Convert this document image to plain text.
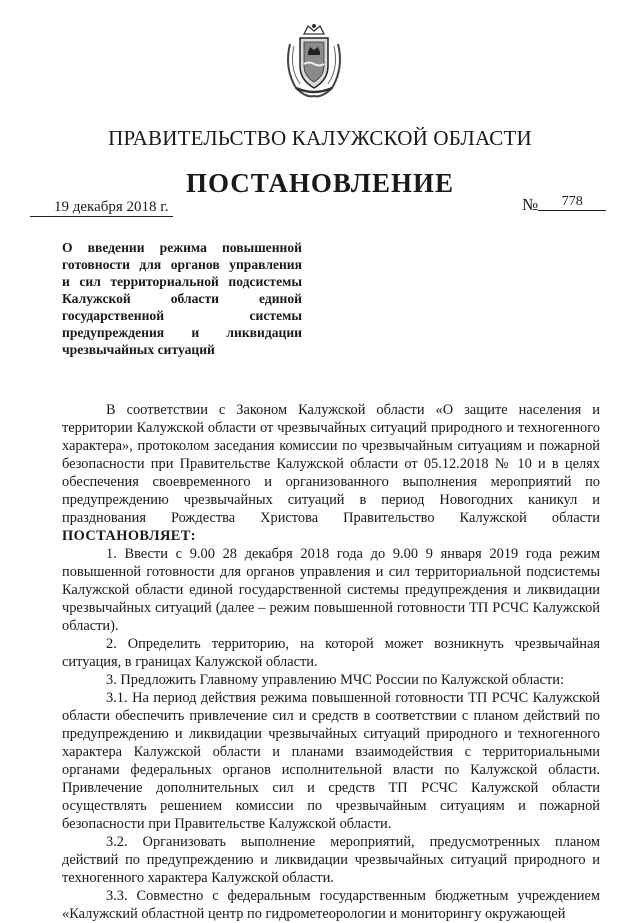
ПРАВИТЕЛЬСТВО КАЛУЖСКОЙ ОБЛАСТИ
ПОСТАНОВЛЕНИЕ
19 декабря 2018 г.	№ 778
О введении режима повышенной
готовности для органов управления
и сил территориальной подсистемы
Калужской области единой
государственной системы
предупреждения и ликвидации
чрезвычайных ситуаций

В соответствии с Законом Калужской области «О защите населения и территории Калужской области от чрезвычайных ситуаций природного и техногенного характера», протоколом заседания комиссии по чрезвычайным ситуациям и пожарной безопасности при Правительстве Калужской области от 05.12.2018 № 10 и в целях обеспечения своевременного и организованного выполнения мероприятий по предупреждению чрезвычайных ситуаций в период Новогодних каникул и празднования Рождества Христова Правительство Калужской области ПОСТАНОВЛЯЕТ:

1. Ввести с 9.00 28 декабря 2018 года до 9.00 9 января 2019 года режим повышенной готовности для органов управления и сил территориальной подсистемы Калужской области единой государственной системы предупреждения и ликвидации чрезвычайных ситуаций (далее – режим повышенной готовности ТП РСЧС Калужской области).

2. Определить территорию, на которой может возникнуть чрезвычайная ситуация, в границах Калужской области.

3. Предложить Главному управлению МЧС России по Калужской области:

3.1. На период действия режима повышенной готовности ТП РСЧС Калужской области обеспечить привлечение сил и средств в соответствии с планом действий по предупреждению и ликвидации чрезвычайных ситуаций природного и техногенного характера Калужской области и планами взаимодействия с территориальными органами федеральных органов исполнительной власти по Калужской области. Привлечение дополнительных сил и средств ТП РСЧС Калужской области осуществлять решением комиссии по чрезвычайным ситуациям и пожарной безопасности при Правительстве Калужской области.

3.2. Организовать выполнение мероприятий, предусмотренных планом действий по предупреждению и ликвидации чрезвычайных ситуаций природного и техногенного характера Калужской области.

3.3. Совместно с федеральным государственным бюджетным учреждением «Калужский областной центр по гидрометеорологии и мониторингу окружающей
